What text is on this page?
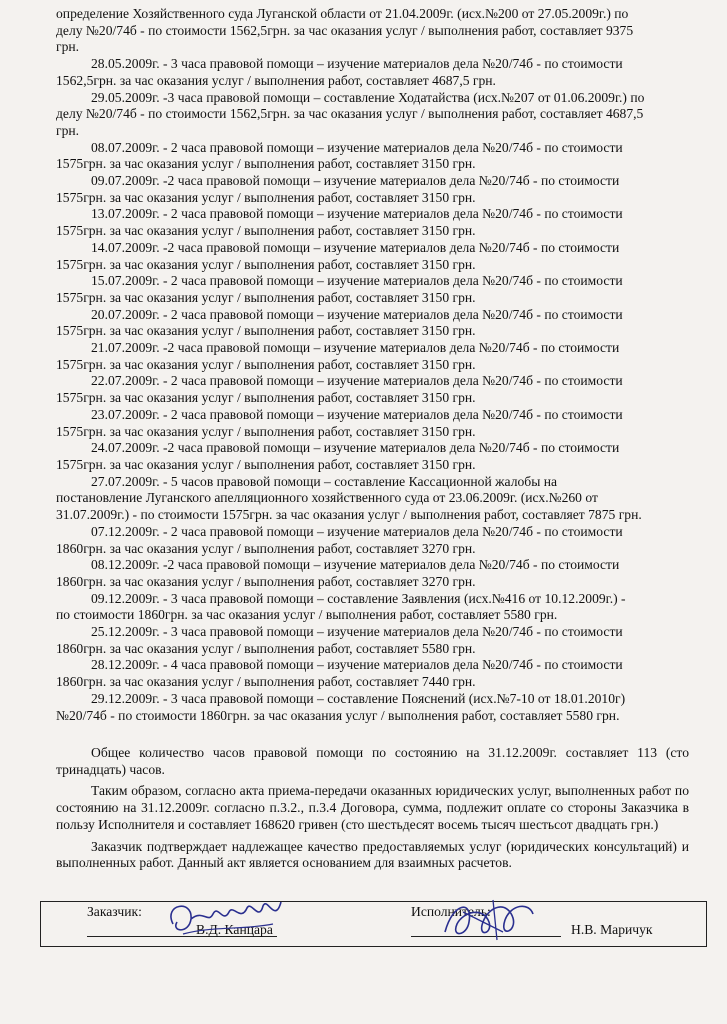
определение Хозяйственного суда Луганской области от 21.04.2009г. (исх.№200 от 27.05.2009г.) по
делу №20/74б - по стоимости 1562,5грн. за час оказания услуг / выполнения работ, составляет 9375
грн.
28.05.2009г. - 3 часа правовой помощи – изучение материалов дела №20/74б - по стоимости
1562,5грн. за час оказания услуг / выполнения работ, составляет 4687,5 грн.
29.05.2009г. -3 часа правовой помощи – составление Ходатайства (исх.№207 от 01.06.2009г.) по
делу №20/74б - по стоимости 1562,5грн. за час оказания услуг / выполнения работ, составляет 4687,5
грн.
08.07.2009г. - 2 часа правовой помощи – изучение материалов дела №20/74б - по стоимости
1575грн. за час оказания услуг / выполнения работ, составляет 3150 грн.
09.07.2009г. -2 часа правовой помощи – изучение материалов дела №20/74б - по стоимости
1575грн. за час оказания услуг / выполнения работ, составляет 3150 грн.
13.07.2009г. - 2 часа правовой помощи – изучение материалов дела №20/74б - по стоимости
1575грн. за час оказания услуг / выполнения работ, составляет 3150 грн.
14.07.2009г. -2 часа правовой помощи – изучение материалов дела №20/74б - по стоимости
1575грн. за час оказания услуг / выполнения работ, составляет 3150 грн.
15.07.2009г. - 2 часа правовой помощи – изучение материалов дела №20/74б - по стоимости
1575грн. за час оказания услуг / выполнения работ, составляет 3150 грн.
20.07.2009г. - 2 часа правовой помощи – изучение материалов дела №20/74б - по стоимости
1575грн. за час оказания услуг / выполнения работ, составляет 3150 грн.
21.07.2009г. -2 часа правовой помощи – изучение материалов дела №20/74б - по стоимости
1575грн. за час оказания услуг / выполнения работ, составляет 3150 грн.
22.07.2009г. - 2 часа правовой помощи – изучение материалов дела №20/74б - по стоимости
1575грн. за час оказания услуг / выполнения работ, составляет 3150 грн.
23.07.2009г. - 2 часа правовой помощи – изучение материалов дела №20/74б - по стоимости
1575грн. за час оказания услуг / выполнения работ, составляет 3150 грн.
24.07.2009г. -2 часа правовой помощи – изучение материалов дела №20/74б - по стоимости
1575грн. за час оказания услуг / выполнения работ, составляет 3150 грн.
27.07.2009г. - 5 часов правовой помощи – составление Кассационной жалобы на
постановление Луганского апелляционного хозяйственного суда от 23.06.2009г. (исх.№260 от
31.07.2009г.) - по стоимости 1575грн. за час оказания услуг / выполнения работ, составляет 7875 грн.
07.12.2009г. - 2 часа правовой помощи – изучение материалов дела №20/74б - по стоимости
1860грн. за час оказания услуг / выполнения работ, составляет 3270 грн.
08.12.2009г. -2 часа правовой помощи – изучение материалов дела №20/74б - по стоимости
1860грн. за час оказания услуг / выполнения работ, составляет 3270 грн.
09.12.2009г. - 3 часа правовой помощи – составление Заявления (исх.№416 от 10.12.2009г.) -
по стоимости 1860грн. за час оказания услуг / выполнения работ, составляет 5580 грн.
25.12.2009г. - 3 часа правовой помощи – изучение материалов дела №20/74б - по стоимости
1860грн. за час оказания услуг / выполнения работ, составляет 5580 грн.
28.12.2009г. - 4 часа правовой помощи – изучение материалов дела №20/74б - по стоимости
1860грн. за час оказания услуг / выполнения работ, составляет 7440 грн.
29.12.2009г. - 3 часа правовой помощи – составление Пояснений (исх.№7-10 от 18.01.2010г)
№20/74б - по стоимости 1860грн. за час оказания услуг / выполнения работ, составляет 5580 грн.

Общее количество часов правовой помощи по состоянию на 31.12.2009г. составляет 113 (сто тринадцать) часов.

Таким образом, согласно акта приема-передачи оказанных юридических услуг, выполненных работ по состоянию на 31.12.2009г. согласно п.3.2., п.3.4 Договора, сумма, подлежит оплате со стороны Заказчика в пользу Исполнителя и составляет 168620 гривен (сто шестьдесят восемь тысяч шестьсот двадцать грн.)

Заказчик подтверждает надлежащее качество предоставляемых услуг (юридических консультаций) и выполненных работ. Данный акт является основанием для взаимных расчетов.

Заказчик:
В.Д. Канцара
Исполнитель:
Н.В. Маричук
